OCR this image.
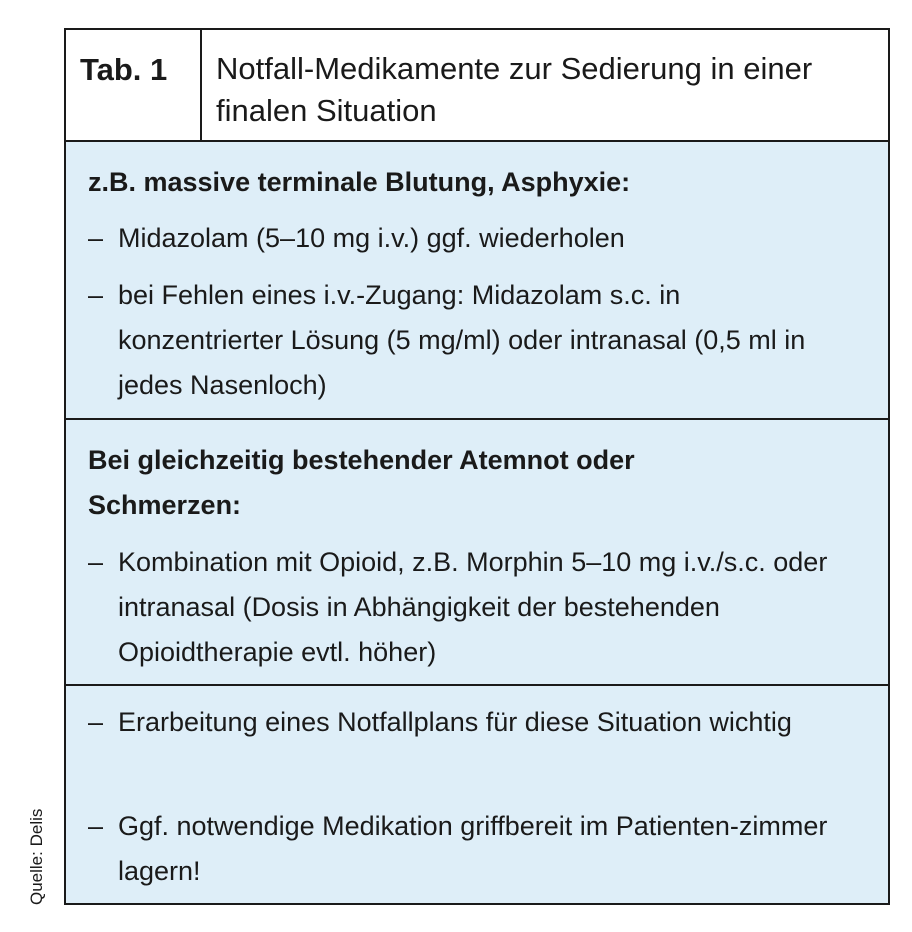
Quelle: Delis
Tab. 1	Notfall-Medikamente zur Sedierung in einer finalen Situation
z.B. massive terminale Blutung, Asphyxie:
– Midazolam (5–10 mg i.v.) ggf. wiederholen
– bei Fehlen eines i.v.-Zugang: Midazolam s.c. in konzentrierter Lösung (5 mg/ml) oder intranasal (0,5 ml in jedes Nasenloch)
Bei gleichzeitig bestehender Atemnot oder Schmerzen:
– Kombination mit Opioid, z.B. Morphin 5–10 mg i.v./s.c. oder intranasal (Dosis in Abhängigkeit der bestehenden Opioidtherapie evtl. höher)
– Erarbeitung eines Notfallplans für diese Situation wichtig
– Ggf. notwendige Medikation griffbereit im Patienten-zimmer lagern!
